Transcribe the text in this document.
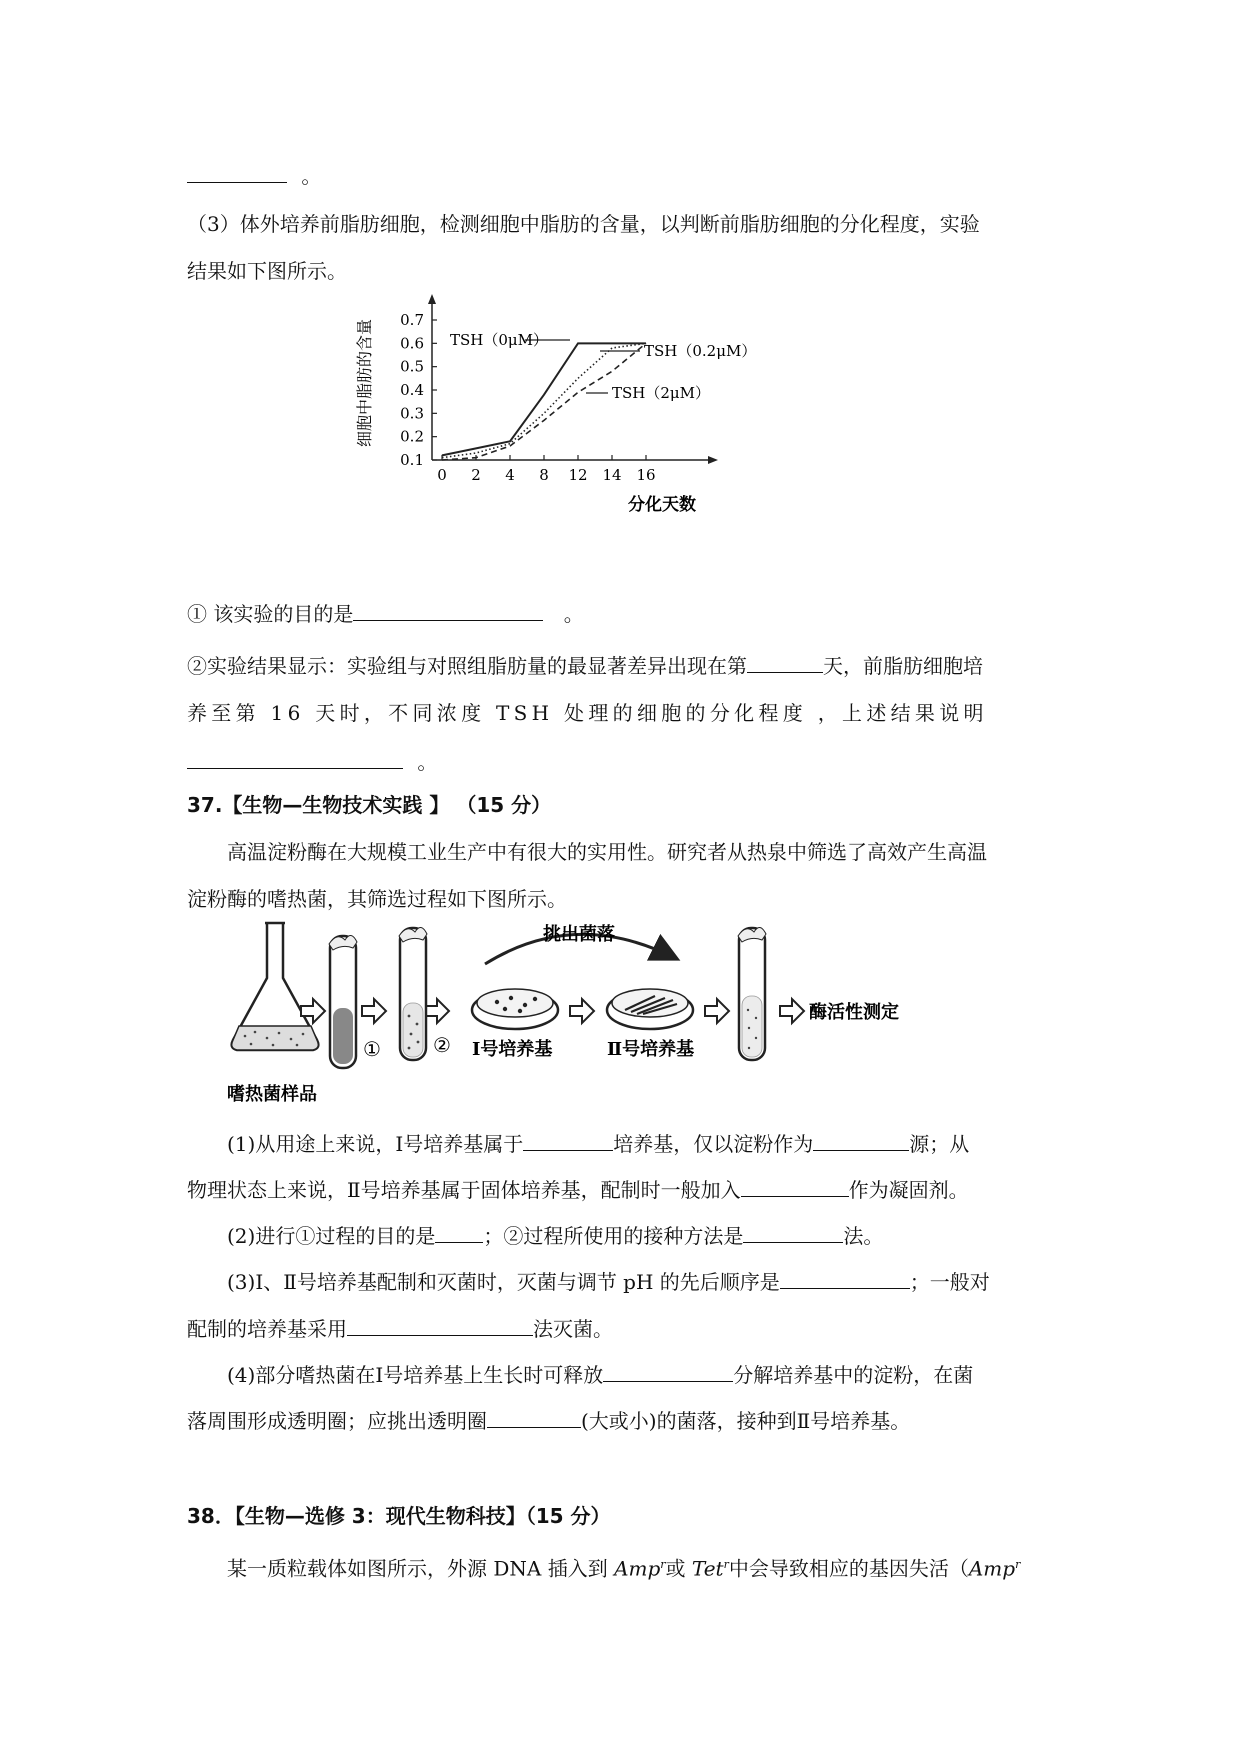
。
（3）体外培养前脂肪细胞，检测细胞中脂肪的含量，以判断前脂肪细胞的分化程度，实验
结果如下图所示。
0.1
0.2
0.3
0.4
0.5
0.6
0.7
0 2 4 8 12 14 16
细胞中脂肪的含量
分化天数
TSH（0μM）
TSH（0.2μM）
TSH（2μM）
① 该实验的目的是	。
②实验结果显示：实验组与对照组脂肪量的最显著差异出现在第	天，前脂肪细胞培
养至第 16 天时，不同浓度 TSH 处理的细胞的分化程度 ，上述结果说明
。
37.【生物—生物技术实践 】 （15 分）
高温淀粉酶在大规模工业生产中有很大的实用性。研究者从热泉中筛选了高效产生高温
淀粉酶的嗜热菌，其筛选过程如下图所示。
①	②
挑出菌落
酶活性测定
Ⅰ号培养基	Ⅱ号培养基
嗜热菌样品
(1)从用途上来说，Ⅰ号培养基属于	培养基，仅以淀粉作为	源；从
物理状态上来说，Ⅱ号培养基属于固体培养基，配制时一般加入	作为凝固剂。
(2)进行①过程的目的是 ；②过程所使用的接种方法是	法。
(3)Ⅰ、Ⅱ号培养基配制和灭菌时，灭菌与调节 pH 的先后顺序是	；一般对
配制的培养基采用	法灭菌。
(4)部分嗜热菌在Ⅰ号培养基上生长时可释放	分解培养基中的淀粉，在菌
落周围形成透明圈；应挑出透明圈	(大或小)的菌落，接种到Ⅱ号培养基。
38．【生物—选修 3：现代生物科技】（15 分）
某一质粒载体如图所示，外源 DNA 插入到 Amp$^r$或 Tet$^r$中会导致相应的基因失活（Amp$^r$
